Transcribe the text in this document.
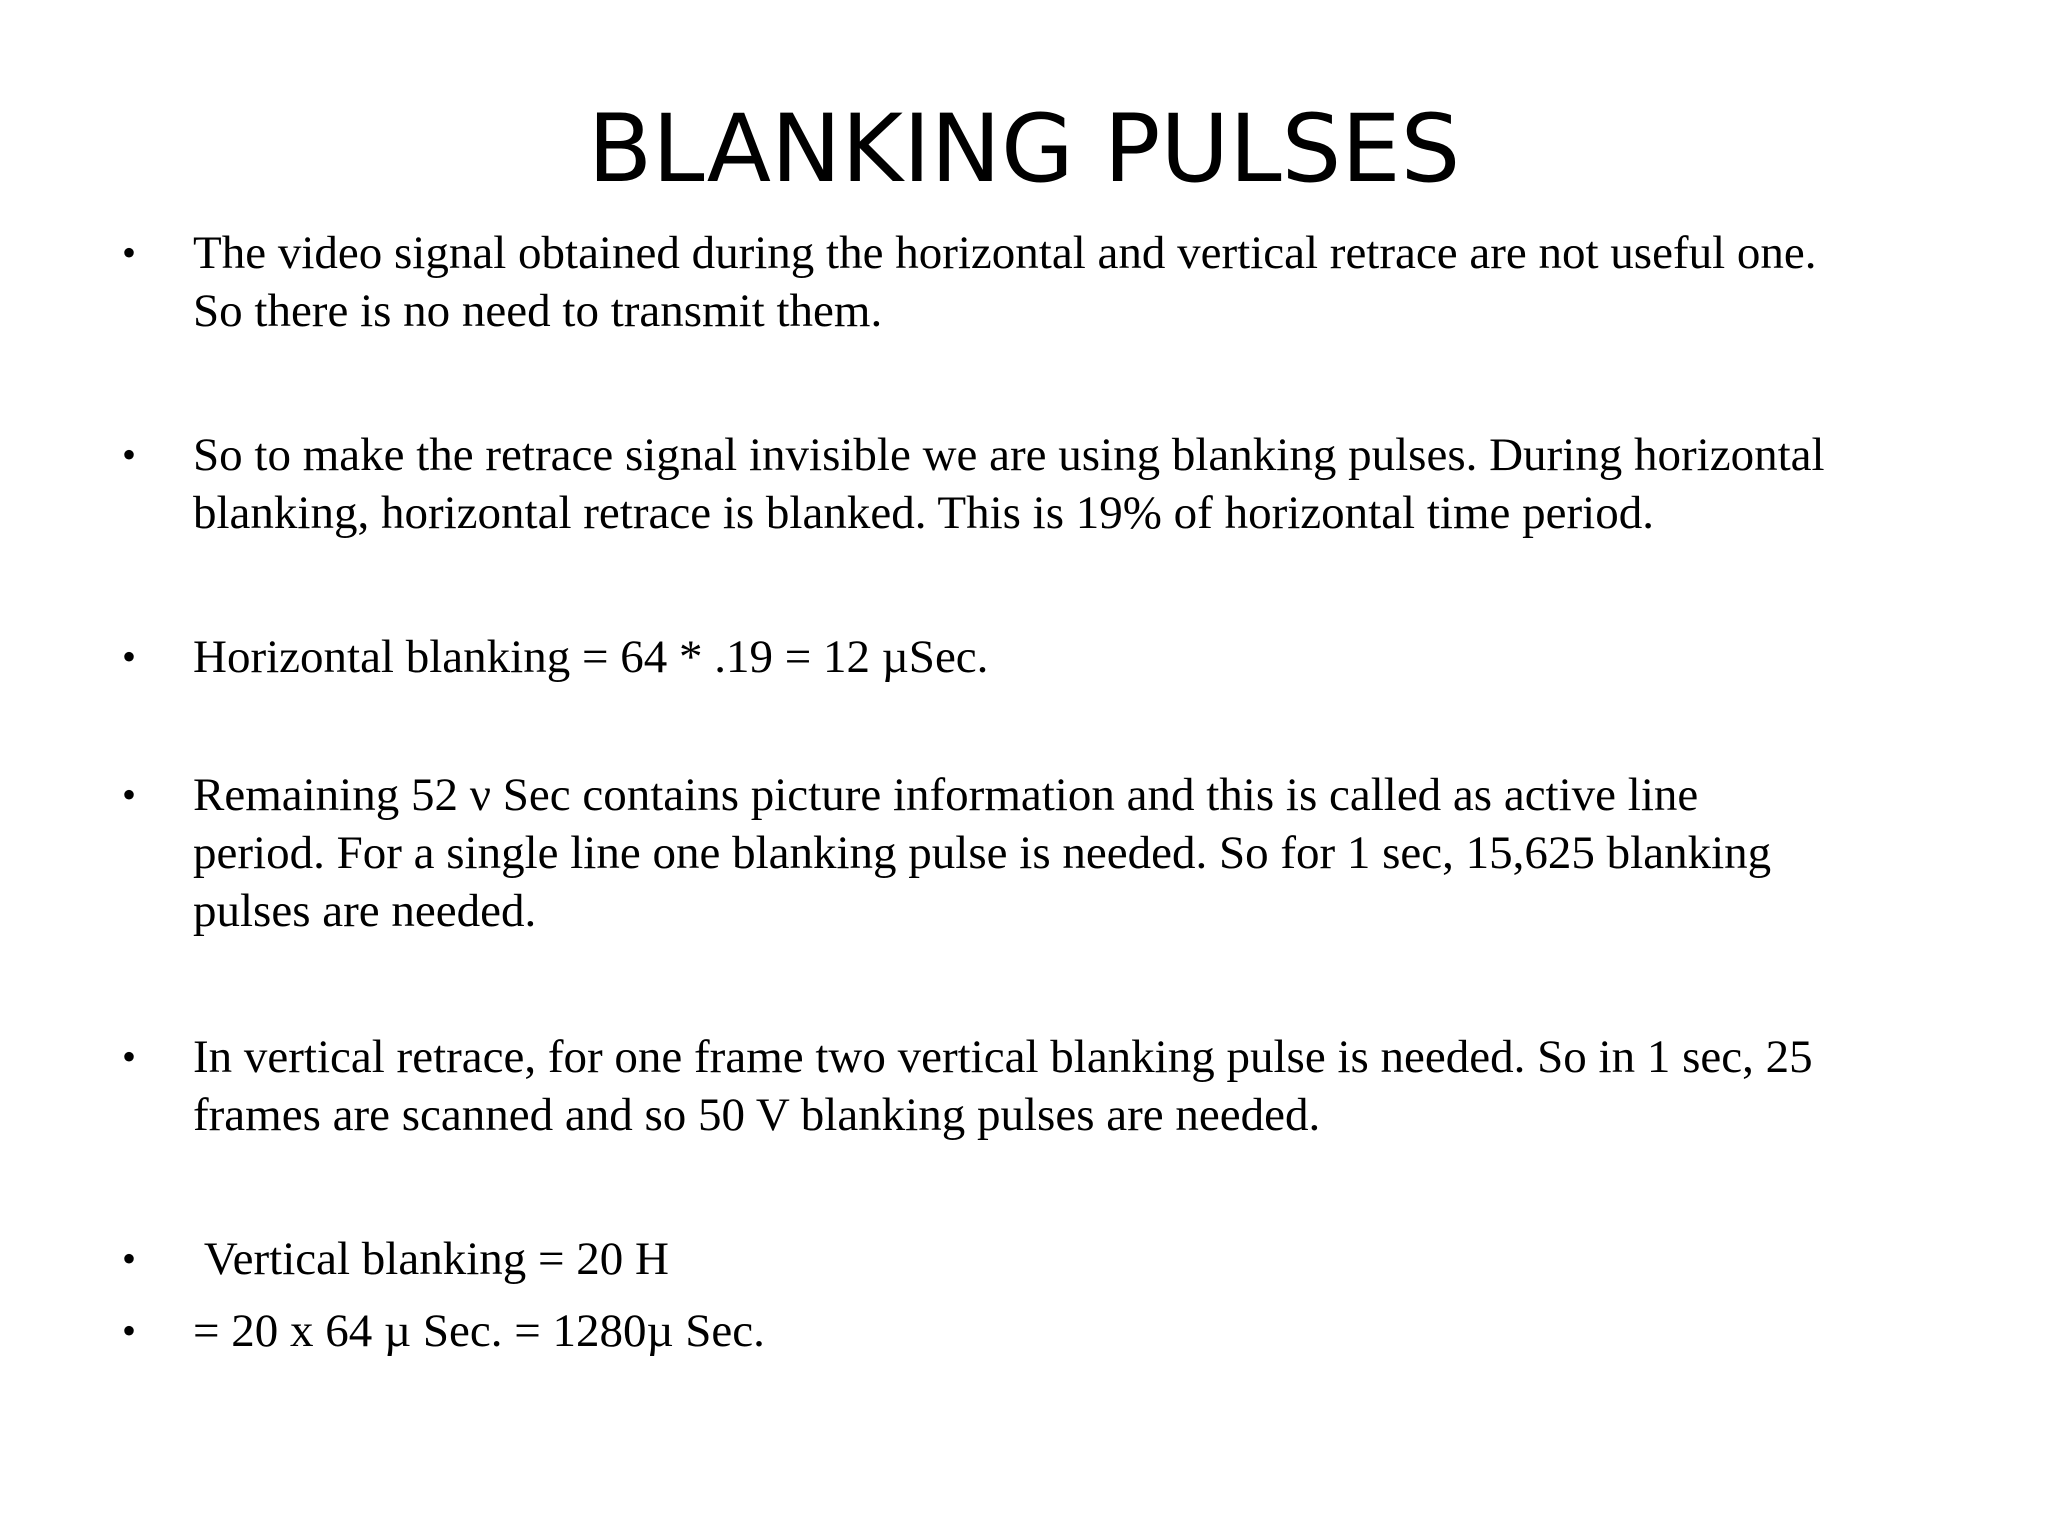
BLANKING PULSES
• The video signal obtained during the horizontal and vertical retrace are not useful one.
So there is no need to transmit them.
• So to make the retrace signal invisible we are using blanking pulses. During horizontal
blanking, horizontal retrace is blanked. This is 19% of horizontal time period.
• Horizontal blanking = 64 * .19 = 12 µSec.
• Remaining 52 ν Sec contains picture information and this is called as active line
period. For a single line one blanking pulse is needed. So for 1 sec, 15,625 blanking
pulses are needed.
• In vertical retrace, for one frame two vertical blanking pulse is needed. So in 1 sec, 25
frames are scanned and so 50 V blanking pulses are needed.
• Vertical blanking = 20 H
• = 20 x 64 µ Sec. = 1280µ Sec.
